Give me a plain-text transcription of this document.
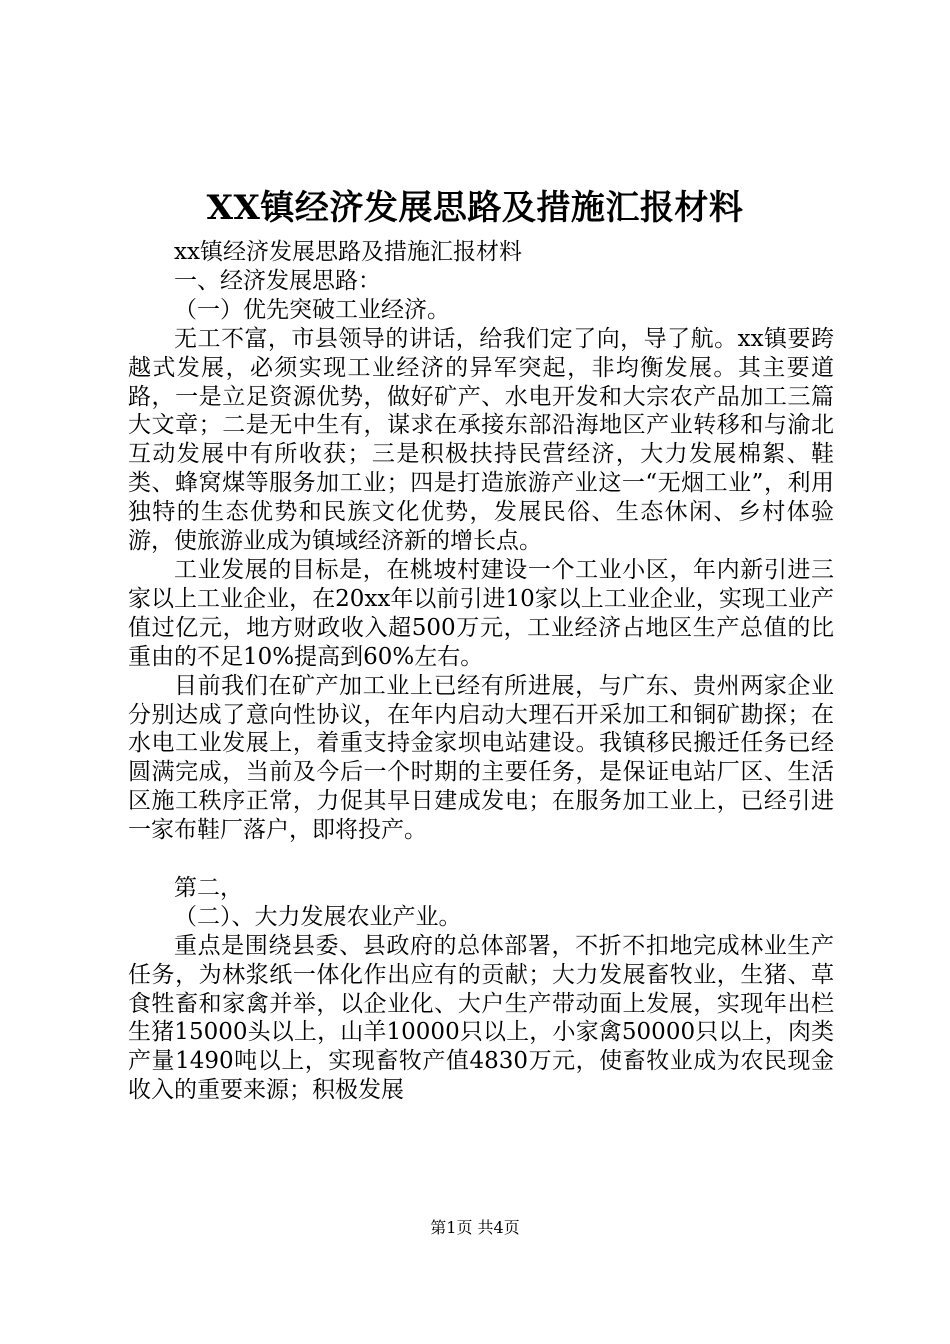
XX镇经济发展思路及措施汇报材料

xx镇经济发展思路及措施汇报材料

一、经济发展思路：

（一）优先突破工业经济。

无工不富，市县领导的讲话，给我们定了向，导了航。xx镇要跨越式发展，必须实现工业经济的异军突起，非均衡发展。其主要道路，一是立足资源优势，做好矿产、水电开发和大宗农产品加工三篇大文章；二是无中生有，谋求在承接东部沿海地区产业转移和与渝北互动发展中有所收获；三是积极扶持民营经济，大力发展棉絮、鞋类、蜂窝煤等服务加工业；四是打造旅游产业这一“无烟工业”，利用独特的生态优势和民族文化优势，发展民俗、生态休闲、乡村体验游，使旅游业成为镇域经济新的增长点。

工业发展的目标是，在桃坡村建设一个工业小区，年内新引进三家以上工业企业，在20xx年以前引进10家以上工业企业，实现工业产值过亿元，地方财政收入超500万元，工业经济占地区生产总值的比重由的不足10%提高到60%左右。

目前我们在矿产加工业上已经有所进展，与广东、贵州两家企业分别达成了意向性协议，在年内启动大理石开采加工和铜矿勘探；在水电工业发展上，着重支持金家坝电站建设。我镇移民搬迁任务已经圆满完成，当前及今后一个时期的主要任务，是保证电站厂区、生活区施工秩序正常，力促其早日建成发电；在服务加工业上，已经引进一家布鞋厂落户，即将投产。

第二，

（二）、大力发展农业产业。

重点是围绕县委、县政府的总体部署，不折不扣地完成林业生产任务，为林浆纸一体化作出应有的贡献；大力发展畜牧业，生猪、草食牲畜和家禽并举，以企业化、大户生产带动面上发展，实现年出栏生猪15000头以上，山羊10000只以上，小家禽50000只以上，肉类产量1490吨以上，实现畜牧产值4830万元，使畜牧业成为农民现金收入的重要来源；积极发展

第1页 共4页
